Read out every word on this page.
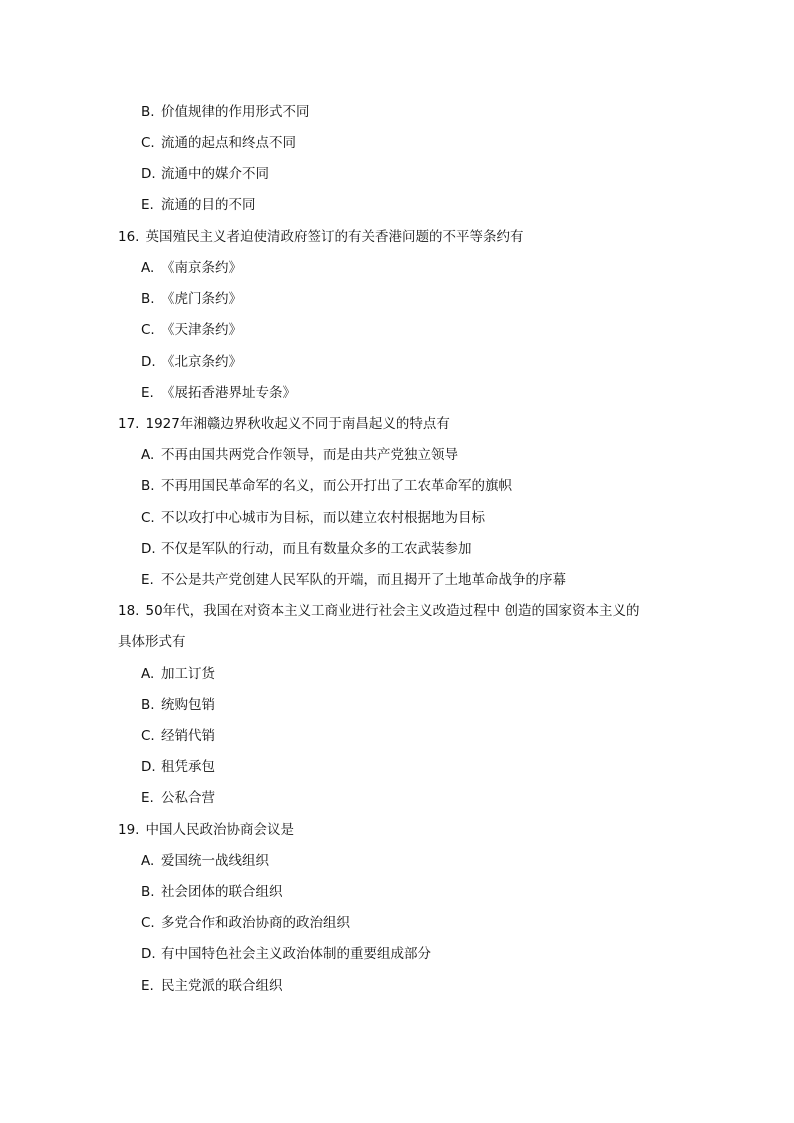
B. 价值规律的作用形式不同
C. 流通的起点和终点不同
D. 流通中的媒介不同
E. 流通的目的不同
16. 英国殖民主义者迫使清政府签订的有关香港问题的不平等条约有
A. 《南京条约》
B. 《虎门条约》
C. 《天津条约》
D. 《北京条约》
E. 《展拓香港界址专条》
17. 1927年湘赣边界秋收起义不同于南昌起义的特点有
A. 不再由国共两党合作领导，而是由共产党独立领导
B. 不再用国民革命军的名义，而公开打出了工农革命军的旗帜
C. 不以攻打中心城市为目标，而以建立农村根据地为目标
D. 不仅是军队的行动，而且有数量众多的工农武装参加
E. 不公是共产党创建人民军队的开端，而且揭开了土地革命战争的序幕
18. 50年代，我国在对资本主义工商业进行社会主义改造过程中 创造的国家资本主义的
具体形式有
A. 加工订货
B. 统购包销
C. 经销代销
D. 租凭承包
E. 公私合营
19. 中国人民政治协商会议是
A. 爱国统一战线组织
B. 社会团体的联合组织
C. 多党合作和政治协商的政治组织
D. 有中国特色社会主义政治体制的重要组成部分
E. 民主党派的联合组织
